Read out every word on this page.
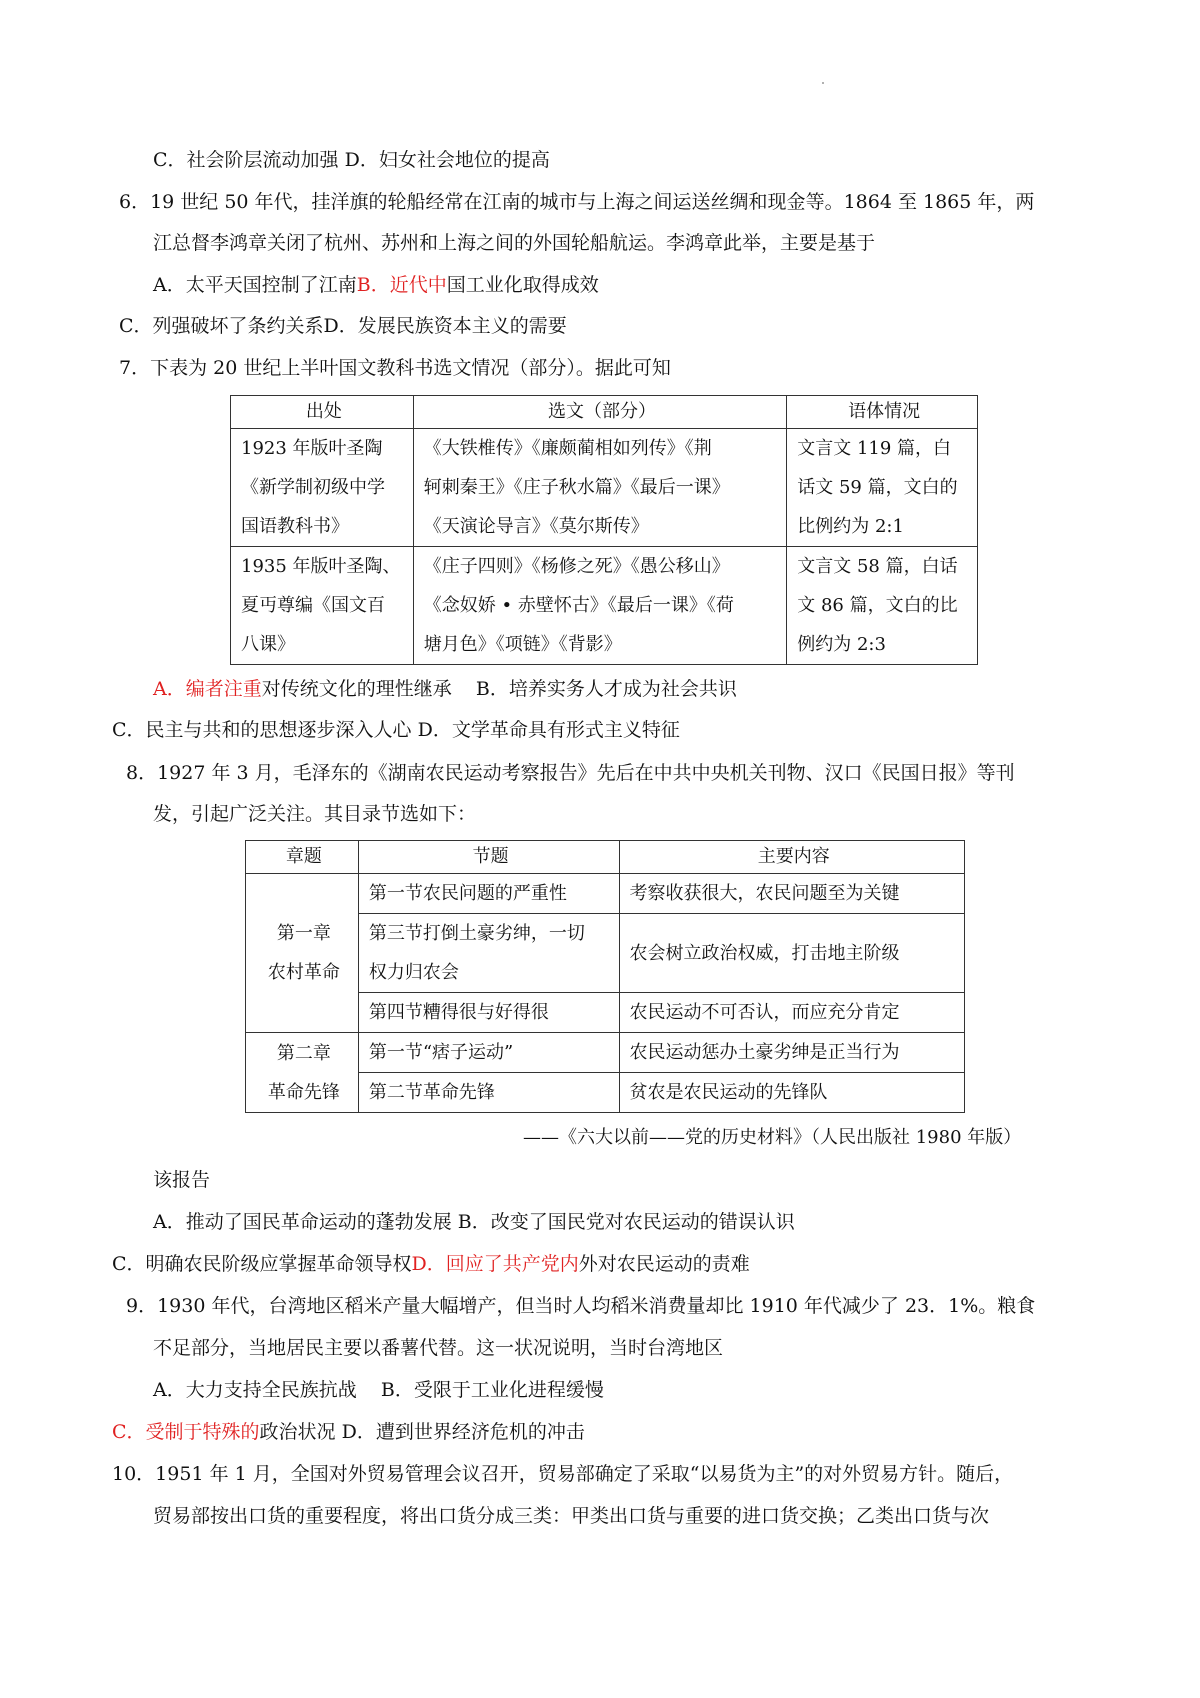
C．社会阶层流动加强 D．妇女社会地位的提高
6．19 世纪 50 年代，挂洋旗的轮船经常在江南的城市与上海之间运送丝绸和现金等。1864 至 1865 年，两
江总督李鸿章关闭了杭州、苏州和上海之间的外国轮船航运。李鸿章此举，主要是基于
A．太平天国控制了江南B．近代中国工业化取得成效
C．列强破坏了条约关系D．发展民族资本主义的需要
7．下表为 20 世纪上半叶国文教科书选文情况（部分）。据此可知
出处	选文（部分）	语体情况
1923 年版叶圣陶
《新学制初级中学
国语教科书》	《大铁椎传》《廉颇蔺相如列传》《荆
轲刺秦王》《庄子秋水篇》《最后一课》
《天演论导言》《莫尔斯传》	文言文 119 篇，白
话文 59 篇，文白的
比例约为 2:1
1935 年版叶圣陶、
夏丏尊编《国文百
八课》	《庄子四则》《杨修之死》《愚公移山》
《念奴娇 • 赤壁怀古》《最后一课》《荷
塘月色》《项链》《背影》	文言文 58 篇，白话
文 86 篇，文白的比
例约为 2:3
A．编者注重对传统文化的理性继承 B．培养实务人才成为社会共识
C．民主与共和的思想逐步深入人心 D．文学革命具有形式主义特征
8．1927 年 3 月，毛泽东的《湖南农民运动考察报告》先后在中共中央机关刊物、汉口《民国日报》等刊
发，引起广泛关注。其目录节选如下：
章题	节题	主要内容
第一章
农村革命	第一节农民问题的严重性	考察收获很大，农民问题至为关键
	第三节打倒土豪劣绅，一切
权力归农会	农会树立政治权威，打击地主阶级
	第四节糟得很与好得很	农民运动不可否认，而应充分肯定
第二章
革命先锋	第一节“痞子运动”	农民运动惩办土豪劣绅是正当行为
	第二节革命先锋	贫农是农民运动的先锋队
——《六大以前——党的历史材料》（人民出版社 1980 年版）
该报告
A．推动了国民革命运动的蓬勃发展 B．改变了国民党对农民运动的错误认识
C．明确农民阶级应掌握革命领导权D．回应了共产党内外对农民运动的责难
9．1930 年代，台湾地区稻米产量大幅增产，但当时人均稻米消费量却比 1910 年代减少了 23．1%。粮食
不足部分，当地居民主要以番薯代替。这一状况说明，当时台湾地区
A．大力支持全民族抗战 B．受限于工业化进程缓慢
C．受制于特殊的政治状况 D．遭到世界经济危机的冲击
10．1951 年 1 月，全国对外贸易管理会议召开，贸易部确定了采取“以易货为主”的对外贸易方针。随后，
贸易部按出口货的重要程度，将出口货分成三类：甲类出口货与重要的进口货交换；乙类出口货与次
